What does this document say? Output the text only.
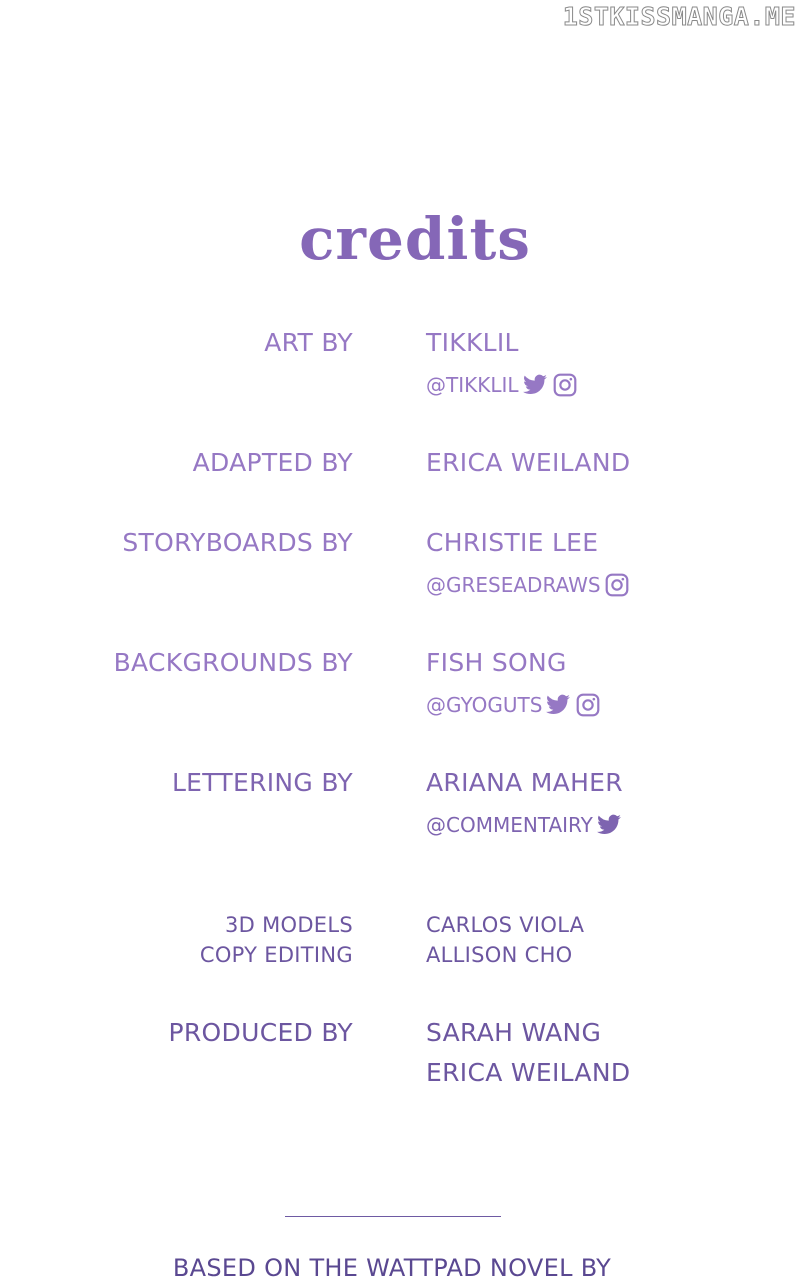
1STKISSMANGA.ME
credits
ART BY	TIKKLIL
@TIKKLIL
ADAPTED BY	ERICA WEILAND
STORYBOARDS BY	CHRISTIE LEE
@GRESEADRAWS
BACKGROUNDS BY	FISH SONG
@GYOGUTS
LETTERING BY	ARIANA MAHER
@COMMENTAIRY
3D MODELS	CARLOS VIOLA
COPY EDITING	ALLISON CHO
PRODUCED BY	SARAH WANG
ERICA WEILAND
BASED ON THE WATTPAD NOVEL BY
